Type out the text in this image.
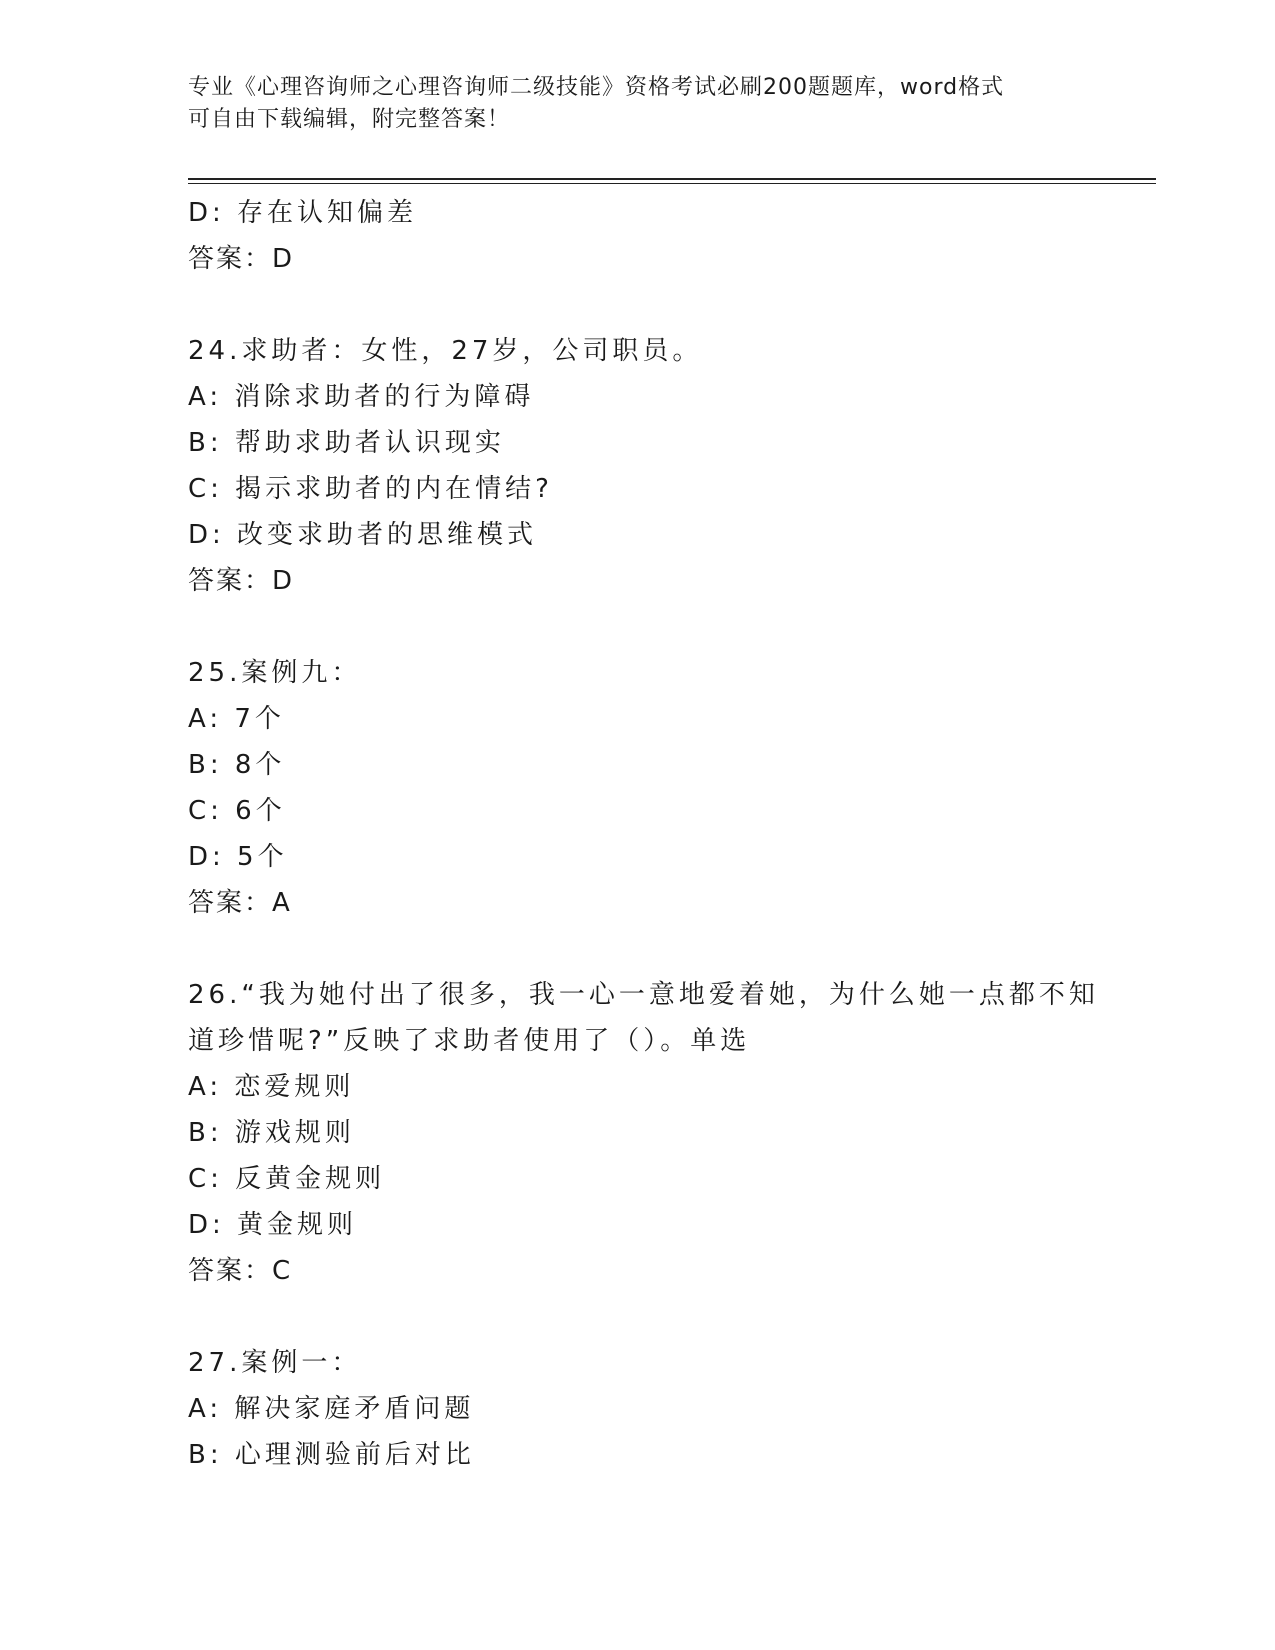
专业《心理咨询师之心理咨询师二级技能》资格考试必刷200题题库，word格式
可自由下载编辑，附完整答案！
D: 存在认知偏差
答案：D
24.求助者：女性，27岁，公司职员。
A: 消除求助者的行为障碍
B: 帮助求助者认识现实
C: 揭示求助者的内在情结?
D: 改变求助者的思维模式
答案：D
25.案例九：
A: 7个
B: 8个
C: 6个
D: 5个
答案：A
26.“我为她付出了很多，我一心一意地爱着她，为什么她一点都不知
道珍惜呢?”反映了求助者使用了（）。单选
A: 恋爱规则
B: 游戏规则
C: 反黄金规则
D: 黄金规则
答案：C
27.案例一：
A: 解决家庭矛盾问题
B: 心理测验前后对比
